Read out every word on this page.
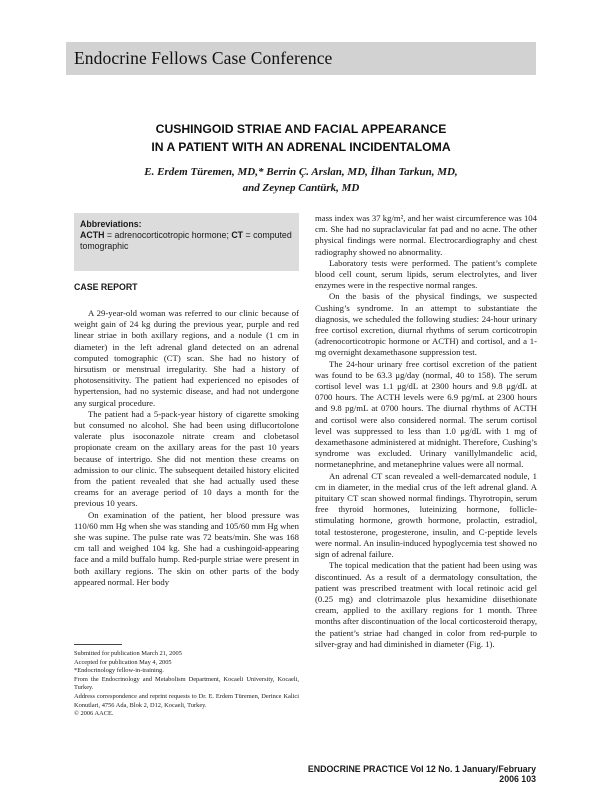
Endocrine Fellows Case Conference
CUSHINGOID STRIAE AND FACIAL APPEARANCE
IN A PATIENT WITH AN ADRENAL INCIDENTALOMA
E. Erdem Türemen, MD,* Berrin Ç. Arslan, MD, İlhan Tarkun, MD,
and Zeynep Cantürk, MD
Abbreviations:
ACTH = adrenocorticotropic hormone; CT = computed tomographic
CASE REPORT

A 29-year-old woman was referred to our clinic because of weight gain of 24 kg during the previous year, purple and red linear striae in both axillary regions, and a nodule (1 cm in diameter) in the left adrenal gland detected on an adrenal computed tomographic (CT) scan. She had no history of hirsutism or menstrual irregularity. She had a history of photosensitivity. The patient had experienced no episodes of hypertension, had no systemic disease, and had not undergone any surgical procedure.

The patient had a 5-pack-year history of cigarette smoking but consumed no alcohol. She had been using diflucortolone valerate plus isoconazole nitrate cream and clobetasol propionate cream on the axillary areas for the past 10 years because of intertrigo. She did not mention these creams on admission to our clinic. The subsequent detailed history elicited from the patient revealed that she had actually used these creams for an average period of 10 days a month for the previous 10 years.

On examination of the patient, her blood pressure was 110/60 mm Hg when she was standing and 105/60 mm Hg when she was supine. The pulse rate was 72 beats/min. She was 168 cm tall and weighed 104 kg. She had a cushingoid-appearing face and a mild buffalo hump. Red-purple striae were present in both axillary regions. The skin on other parts of the body appeared normal. Her body

mass index was 37 kg/m², and her waist circumference was 104 cm. She had no supraclavicular fat pad and no acne. The other physical findings were normal. Electrocardiography and chest radiography showed no abnormality.

Laboratory tests were performed. The patient’s complete blood cell count, serum lipids, serum electrolytes, and liver enzymes were in the respective normal ranges.

On the basis of the physical findings, we suspected Cushing’s syndrome. In an attempt to substantiate the diagnosis, we scheduled the following studies: 24-hour urinary free cortisol excretion, diurnal rhythms of serum corticotropin (adrenocorticotropic hormone or ACTH) and cortisol, and a 1-mg overnight dexamethasone suppression test.

The 24-hour urinary free cortisol excretion of the patient was found to be 63.3 μg/day (normal, 40 to 158). The serum cortisol level was 1.1 μg/dL at 2300 hours and 9.8 μg/dL at 0700 hours. The ACTH levels were 6.9 pg/mL at 2300 hours and 9.8 pg/mL at 0700 hours. The diurnal rhythms of ACTH and cortisol were also considered normal. The serum cortisol level was suppressed to less than 1.0 μg/dL with 1 mg of dexamethasone administered at midnight. Therefore, Cushing’s syndrome was excluded. Urinary vanillylmandelic acid, normetanephrine, and metanephrine values were all normal.

An adrenal CT scan revealed a well-demarcated nodule, 1 cm in diameter, in the medial crus of the left adrenal gland. A pituitary CT scan showed normal findings. Thyrotropin, serum free thyroid hormones, luteinizing hormone, follicle-stimulating hormone, growth hormone, prolactin, estradiol, total testosterone, progesterone, insulin, and C-peptide levels were normal. An insulin-induced hypoglycemia test showed no sign of adrenal failure.

The topical medication that the patient had been using was discontinued. As a result of a dermatology consultation, the patient was prescribed treatment with local retinoic acid gel (0.25 mg) and clotrimazole plus hexamidine diisethionate cream, applied to the axillary regions for 1 month. Three months after discontinuation of the local corticosteroid therapy, the patient’s striae had changed in color from red-purple to silver-gray and had diminished in diameter (Fig. 1).

Submitted for publication March 21, 2005
Accepted for publication May 4, 2005
*Endocrinology fellow-in-training.
From the Endocrinology and Metabolism Department, Kocaeli University, Kocaeli, Turkey.
Address correspondence and reprint requests to Dr. E. Erdem Türemen, Derince Kalici Konutlari, 4756 Ada, Blok 2, D12, Kocaeli, Turkey.
© 2006 AACE.
ENDOCRINE PRACTICE Vol 12 No. 1 January/February 2006 103
